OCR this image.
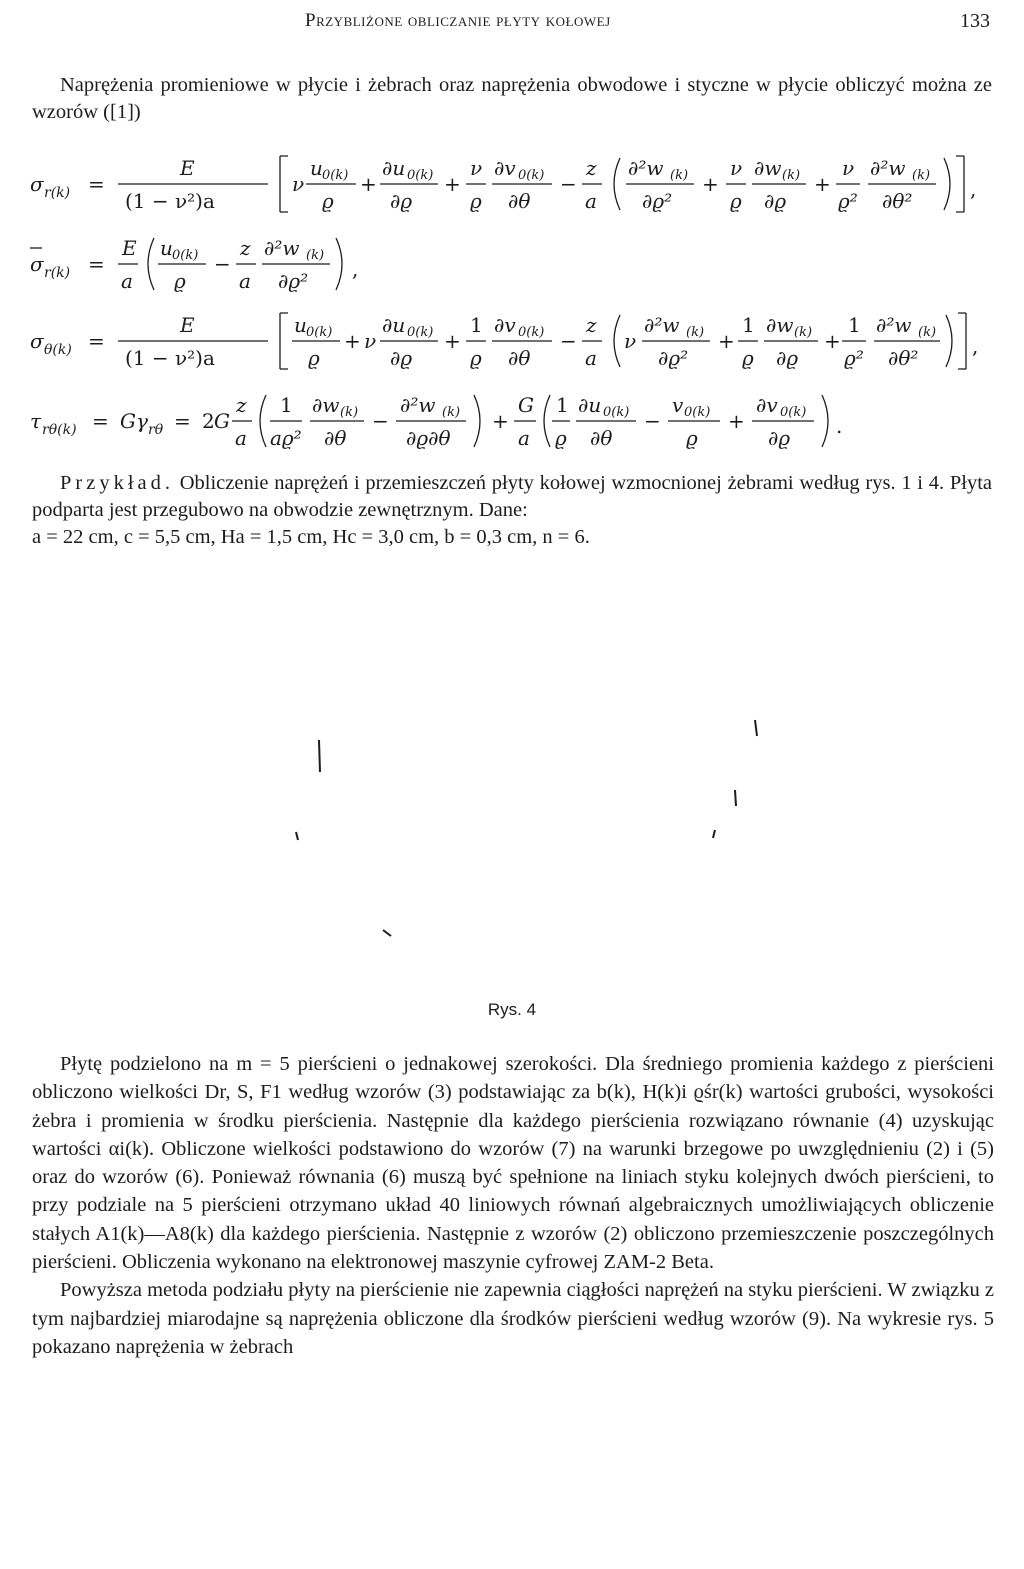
Przybliżone obliczanie płyty kołowej	133

Naprężenia promieniowe w płycie i żebrach oraz naprężenia obwodowe i styczne w płycie obliczyć można ze wzorów ([1])

σ r(k) =
E
(1 − ν²)a
ν
u 0(k)
ϱ
+
∂u 0(k)
∂ϱ
+
ν
ϱ
∂v 0(k)
∂θ
−
z
a
∂²w (k)
∂ϱ²
+
ν
ϱ
∂w (k)
∂ϱ
+
ν
ϱ²
∂²w (k)
∂θ²	,
σ r(k) =
E
a
u 0(k)
ϱ
−
z
a
∂²w (k)
∂ϱ² ,
σ θ(k) =
E
(1 − ν²)a
u 0(k)
ϱ
+ ν
∂u 0(k)
∂ϱ
+
1
ϱ
∂v 0(k)
∂θ
−
z
a
ν
∂²w (k)
∂ϱ²
+
1
ϱ
∂w (k)
∂ϱ
+
1
ϱ²
∂²w (k)
∂θ²	,
τ rθ(k) = Gγ rθ = 2 G
z
a
1
aϱ²
∂w (k)
∂θ
−
∂²w (k)
∂ϱ∂θ
+
G
a
1
ϱ
∂u 0(k)
∂θ
−
v 0(k)
ϱ
+
∂v 0(k)
∂ϱ .

Przykład. Obliczenie naprężeń i przemieszczeń płyty kołowej wzmocnionej żebrami według rys. 1 i 4. Płyta podparta jest przegubowo na obwodzie zewnętrznym. Dane:

a = 22 cm, c = 5,5 cm, Ha = 1,5 cm, Hc = 3,0 cm, b = 0,3 cm, n = 6.

Rys. 4

Płytę podzielono na m = 5 pierścieni o jednakowej szerokości. Dla średniego promienia każdego z pierścieni obliczono wielkości Dr, S, F1 według wzorów (3) podstawiając za b(k), H(k)i ϱśr(k) wartości grubości, wysokości żebra i promienia w środku pierścienia. Następnie dla każdego pierścienia rozwiązano równanie (4) uzyskując wartości αi(k). Obliczone wielkości podstawiono do wzorów (7) na warunki brzegowe po uwzględnieniu (2) i (5) oraz do wzorów (6). Ponieważ równania (6) muszą być spełnione na liniach styku kolejnych dwóch pierścieni, to przy podziale na 5 pierścieni otrzymano układ 40 liniowych równań algebraicznych umożliwiających obliczenie stałych A1(k)—A8(k) dla każdego pierścienia. Następnie z wzorów (2) obliczono przemieszczenie poszczególnych pierścieni. Obliczenia wykonano na elektronowej maszynie cyfrowej ZAM-2 Beta.

Powyższa metoda podziału płyty na pierścienie nie zapewnia ciągłości naprężeń na styku pierścieni. W związku z tym najbardziej miarodajne są naprężenia obliczone dla środków pierścieni według wzorów (9). Na wykresie rys. 5 pokazano naprężenia w żebrach
